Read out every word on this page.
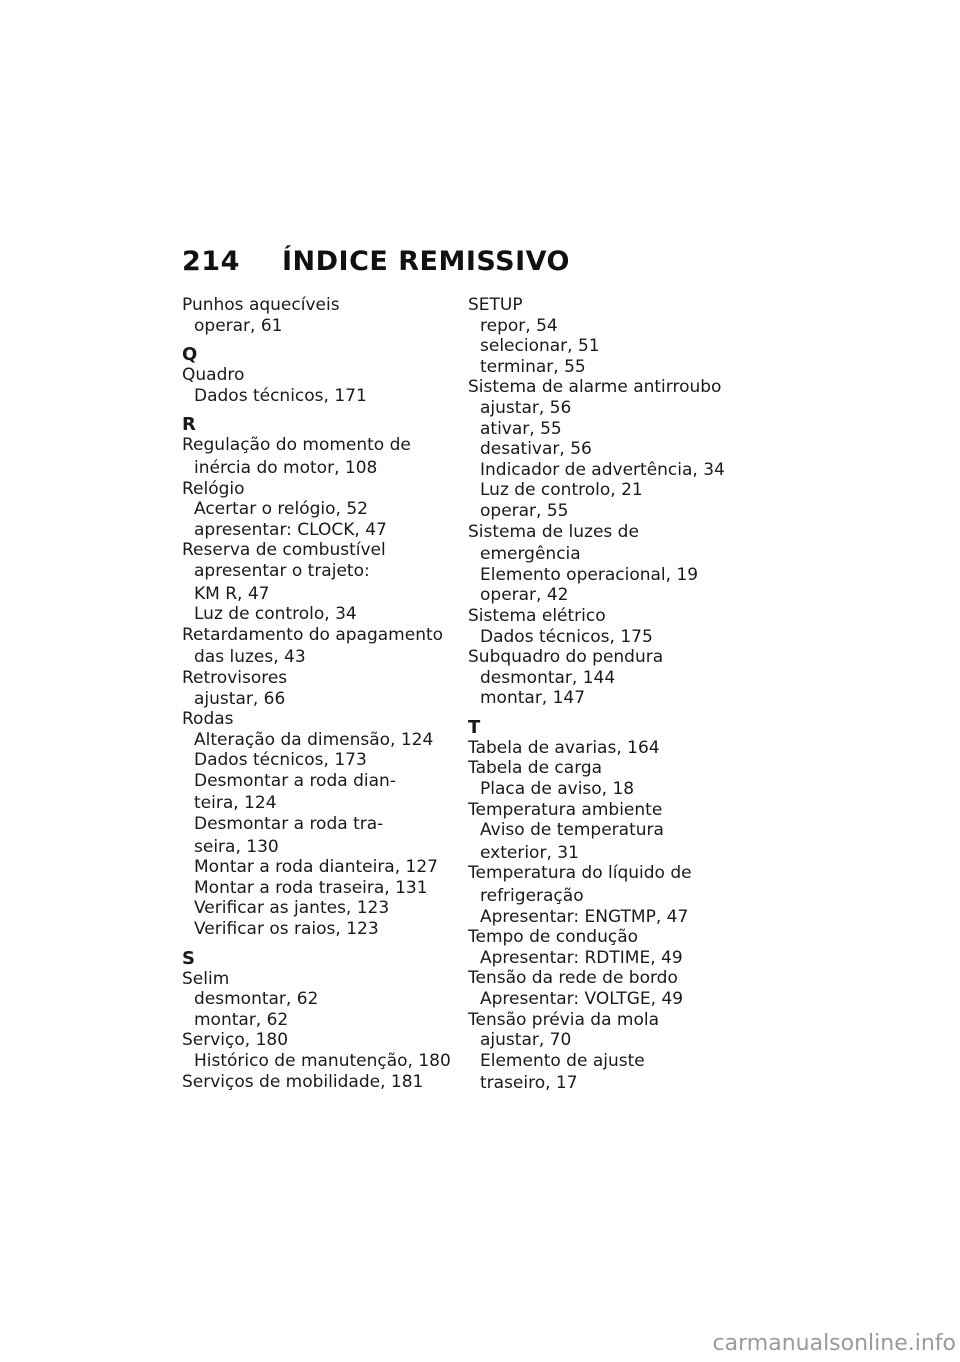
214 ÍNDICE REMISSIVO
Punhos aquecíveis
operar, 61
Q
Quadro
Dados técnicos, 171
R
Regulação do momento de
inércia do motor, 108
Relógio
Acertar o relógio, 52
apresentar: CLOCK, 47
Reserva de combustível
apresentar o trajeto:
KM R, 47
Luz de controlo, 34
Retardamento do apagamento
das luzes, 43
Retrovisores
ajustar, 66
Rodas
Alteração da dimensão, 124
Dados técnicos, 173
Desmontar a roda dian-
teira, 124
Desmontar a roda tra-
seira, 130
Montar a roda dianteira, 127
Montar a roda traseira, 131
Verificar as jantes, 123
Verificar os raios, 123
S
Selim
desmontar, 62
montar, 62
Serviço, 180
Histórico de manutenção, 180
Serviços de mobilidade, 181
SETUP
repor, 54
selecionar, 51
terminar, 55
Sistema de alarme antirroubo
ajustar, 56
ativar, 55
desativar, 56
Indicador de advertência, 34
Luz de controlo, 21
operar, 55
Sistema de luzes de
emergência
Elemento operacional, 19
operar, 42
Sistema elétrico
Dados técnicos, 175
Subquadro do pendura
desmontar, 144
montar, 147
T
Tabela de avarias, 164
Tabela de carga
Placa de aviso, 18
Temperatura ambiente
Aviso de temperatura
exterior, 31
Temperatura do líquido de
refrigeração
Apresentar: ENGTMP, 47
Tempo de condução
Apresentar: RDTIME, 49
Tensão da rede de bordo
Apresentar: VOLTGE, 49
Tensão prévia da mola
ajustar, 70
Elemento de ajuste
traseiro, 17
carmanualsonline.info
